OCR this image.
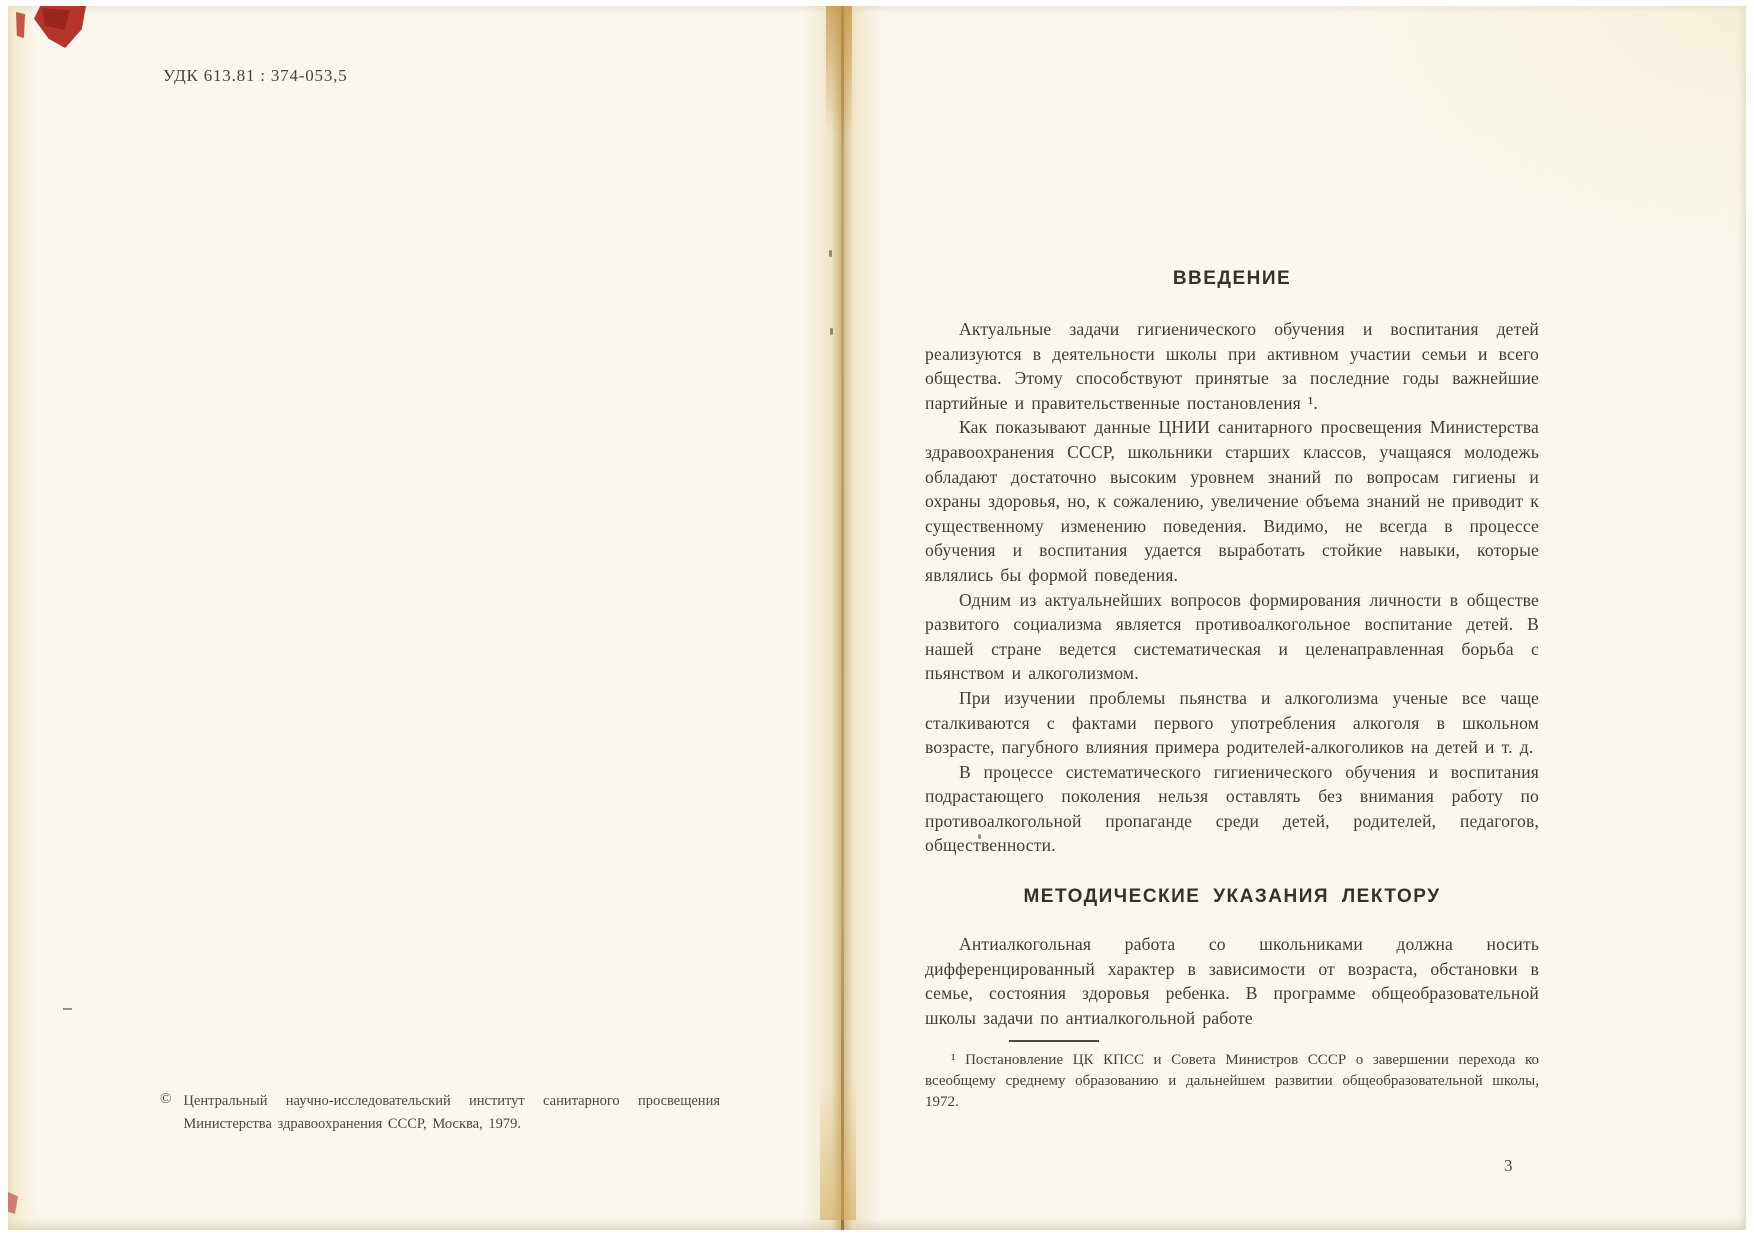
УДК 613.81 : 374-053,5
© Центральный научно-исследовательский институт санитарного просвещения Министерства здравоохранения СССР, Москва, 1979.
ВВЕДЕНИЕ

Актуальные задачи гигиенического обучения и воспитания детей реализуются в деятельности школы при активном участии семьи и всего общества. Этому способствуют принятые за последние годы важнейшие партийные и правительственные постановления ¹.

Как показывают данные ЦНИИ санитарного просвещения Министерства здравоохранения СССР, школьники старших классов, учащаяся молодежь обладают достаточно высоким уровнем знаний по вопросам гигиены и охраны здоровья, но, к сожалению, увеличение объема знаний не приводит к существенному изменению поведения. Видимо, не всегда в процессе обучения и воспитания удается выработать стойкие навыки, которые являлись бы формой поведения.

Одним из актуальнейших вопросов формирования личности в обществе развитого социализма является противоалкогольное воспитание детей. В нашей стране ведется систематическая и целенаправленная борьба с пьянством и алкоголизмом.

При изучении проблемы пьянства и алкоголизма ученые все чаще сталкиваются с фактами первого употребления алкоголя в школьном возрасте, пагубного влияния примера родителей-алкоголиков на детей и т. д.

В процессе систематического гигиенического обучения и воспитания подрастающего поколения нельзя оставлять без внимания работу по противоалкогольной пропаганде среди детей, родителей, педагогов, общественности.

МЕТОДИЧЕСКИЕ УКАЗАНИЯ ЛЕКТОРУ

Антиалкогольная работа со школьниками должна носить дифференцированный характер в зависимости от возраста, обстановки в семье, состояния здоровья ребенка. В программе общеобразовательной школы задачи по антиалкогольной работе

¹ Постановление ЦК КПСС и Совета Министров СССР о завершении перехода ко всеобщему среднему образованию и дальнейшем развитии общеобразовательной школы, 1972.

3
